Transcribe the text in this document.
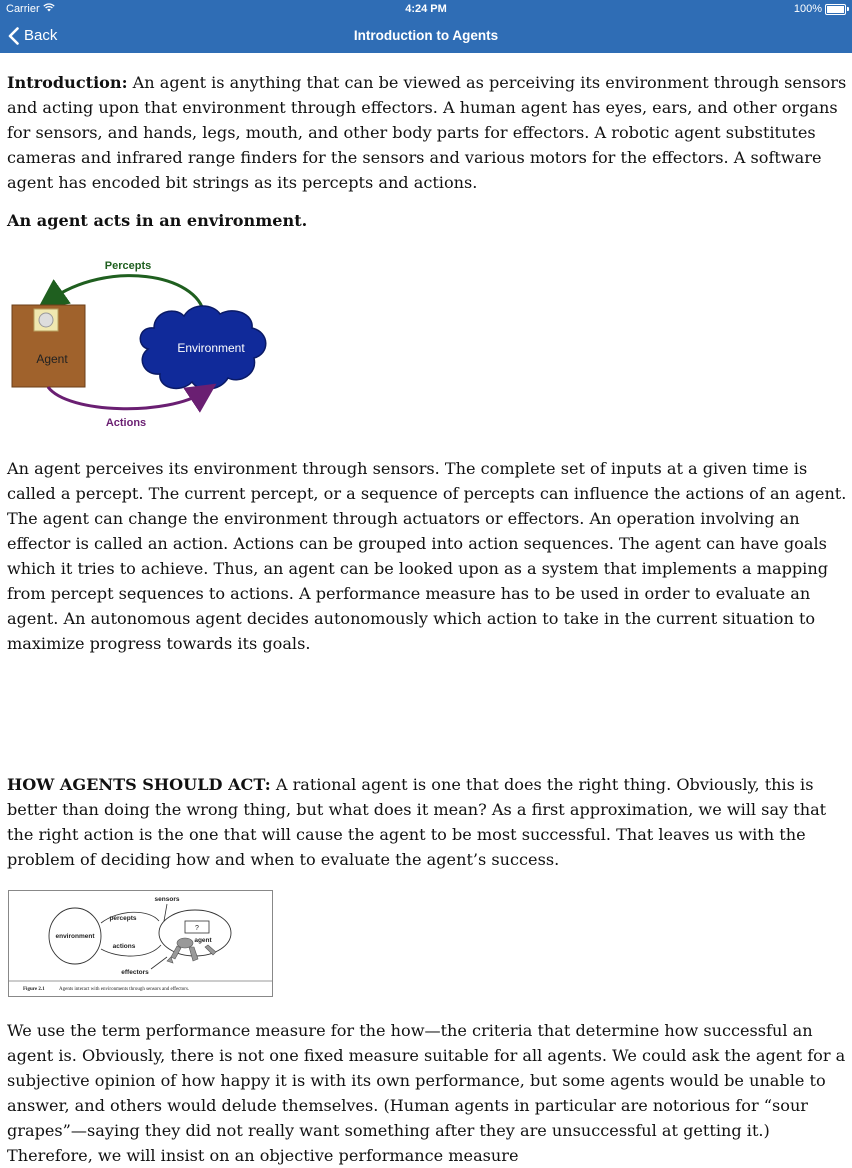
Carrier	4:24 PM	100%
Back	Introduction to Agents

Introduction: An agent is anything that can be viewed as perceiving its environment through sensors and acting upon that environment through effectors. A human agent has eyes, ears, and other organs for sensors, and hands, legs, mouth, and other body parts for effectors. A robotic agent substitutes cameras and infrared range finders for the sensors and various motors for the effectors. A software agent has encoded bit strings as its percepts and actions.

An agent acts in an environment.

An agent perceives its environment through sensors. The complete set of inputs at a given time is called a percept. The current percept, or a sequence of percepts can influence the actions of an agent. The agent can change the environment through actuators or effectors. An operation involving an effector is called an action. Actions can be grouped into action sequences. The agent can have goals which it tries to achieve. Thus, an agent can be looked upon as a system that implements a mapping from percept sequences to actions. A performance measure has to be used in order to evaluate an agent. An autonomous agent decides autonomously which action to take in the current situation to maximize progress towards its goals.

HOW AGENTS SHOULD ACT: A rational agent is one that does the right thing. Obviously, this is better than doing the wrong thing, but what does it mean? As a first approximation, we will say that the right action is the one that will cause the agent to be most successful. That leaves us with the problem of deciding how and when to evaluate the agent’s success.

We use the term performance measure for the how—the criteria that determine how successful an agent is. Obviously, there is not one fixed measure suitable for all agents. We could ask the agent for a subjective opinion of how happy it is with its own performance, but some agents would be unable to answer, and others would delude themselves. (Human agents in particular are notorious for “sour grapes”—saying they did not really want something after they are unsuccessful at getting it.) Therefore, we will insist on an objective performance measure

Percepts
Agent
Environment
Actions
environment
sensors
percepts
actions
?
agent
effectors
Figure 2.1	Agents interact with environments through sensors and effectors.
